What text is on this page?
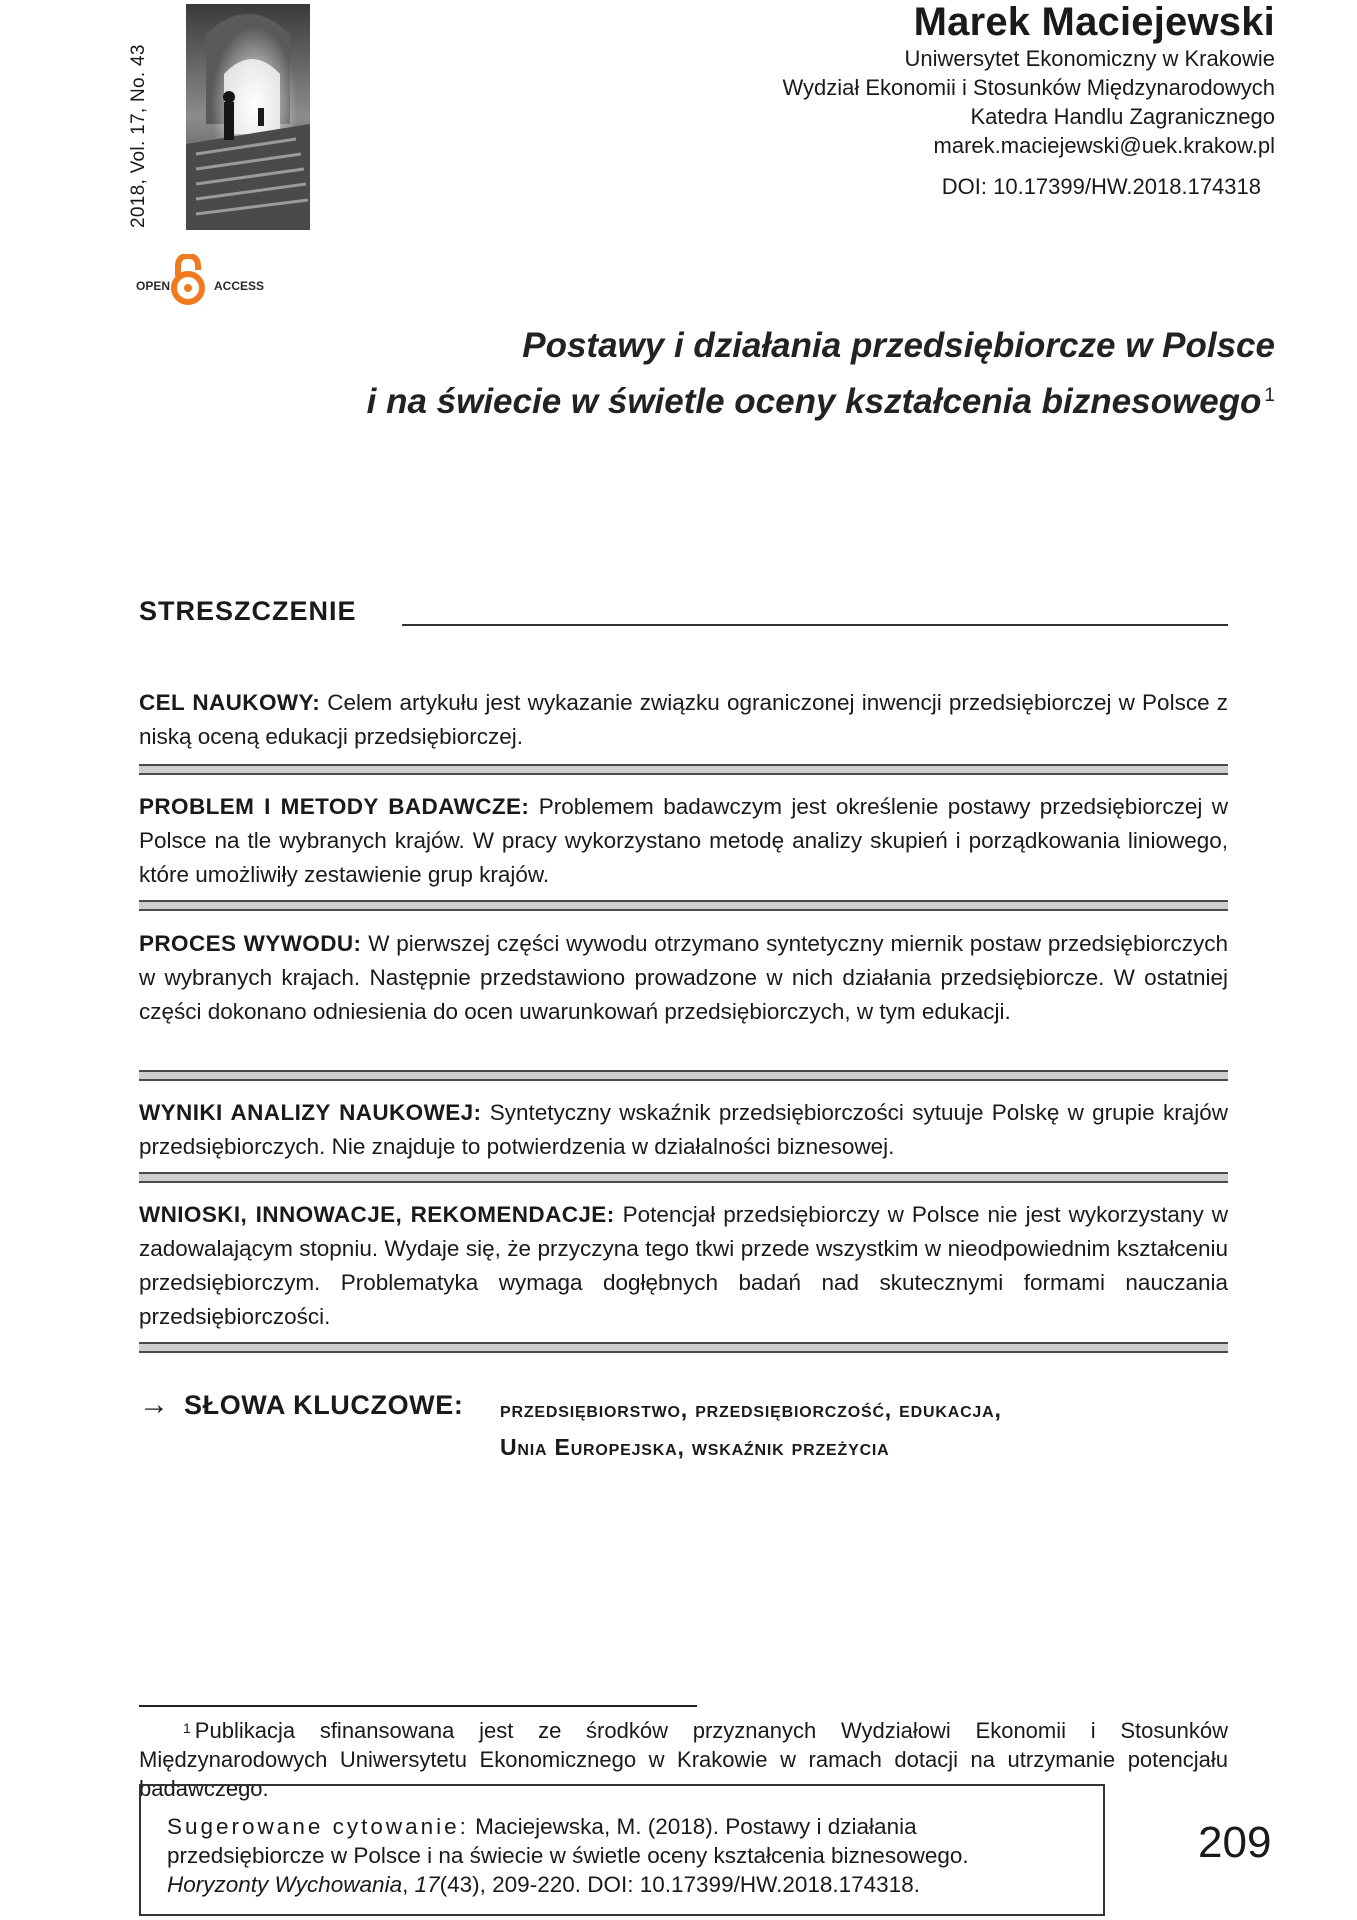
2018, Vol. 17, No. 43
Marek Maciejewski
Uniwersytet Ekonomiczny w Krakowie
Wydział Ekonomii i Stosunków Międzynarodowych
Katedra Handlu Zagranicznego
marek.maciejewski@uek.krakow.pl
DOI: 10.17399/HW.2018.174318
OPEN	ACCESS
Postawy i działania przedsiębiorcze w Polsce
i na świecie w świetle oceny kształcenia biznesowego $^1$
STRESZCZENIE
CEL NAUKOWY: Celem artykułu jest wykazanie związku ograniczonej inwencji przedsiębiorczej w Polsce z niską oceną edukacji przedsiębiorczej.
PROBLEM I METODY BADAWCZE: Problemem badawczym jest określenie postawy przedsiębiorczej w Polsce na tle wybranych krajów. W pracy wykorzystano metodę analizy skupień i porządkowania liniowego, które umożliwiły zestawienie grup krajów.
PROCES WYWODU: W pierwszej części wywodu otrzymano syntetyczny miernik postaw przedsiębiorczych w wybranych krajach. Następnie przedstawiono prowadzone w nich działania przedsiębiorcze. W ostatniej części dokonano odniesienia do ocen uwarunkowań przedsiębiorczych, w tym edukacji.
WYNIKI ANALIZY NAUKOWEJ: Syntetyczny wskaźnik przedsiębiorczości sytuuje Polskę w grupie krajów przedsiębiorczych. Nie znajduje to potwierdzenia w działalności biznesowej.
WNIOSKI, INNOWACJE, REKOMENDACJE: Potencjał przedsiębiorczy w Polsce nie jest wykorzystany w zadowalającym stopniu. Wydaje się, że przyczyna tego tkwi przede wszystkim w nieodpowiednim kształceniu przedsiębiorczym. Problematyka wymaga dogłębnych badań nad skutecznymi formami nauczania przedsiębiorczości.
→ SŁOWA KLUCZOWE: przedsiębiorstwo, przedsiębiorczość, edukacja,
Unia Europejska, wskaźnik przeżycia
$^1$ Publikacja sfinansowana jest ze środków przyznanych Wydziałowi Ekonomii i Stosunków Międzynarodowych Uniwersytetu Ekonomicznego w Krakowie w ramach dotacji na utrzymanie potencjału badawczego.
Sugerowane cytowanie: Maciejewska, M. (2018). Postawy i działania przedsiębiorcze w Polsce i na świecie w świetle oceny kształcenia biznesowego. Horyzonty Wychowania, 17(43), 209-220. DOI: 10.17399/HW.2018.174318.
209
